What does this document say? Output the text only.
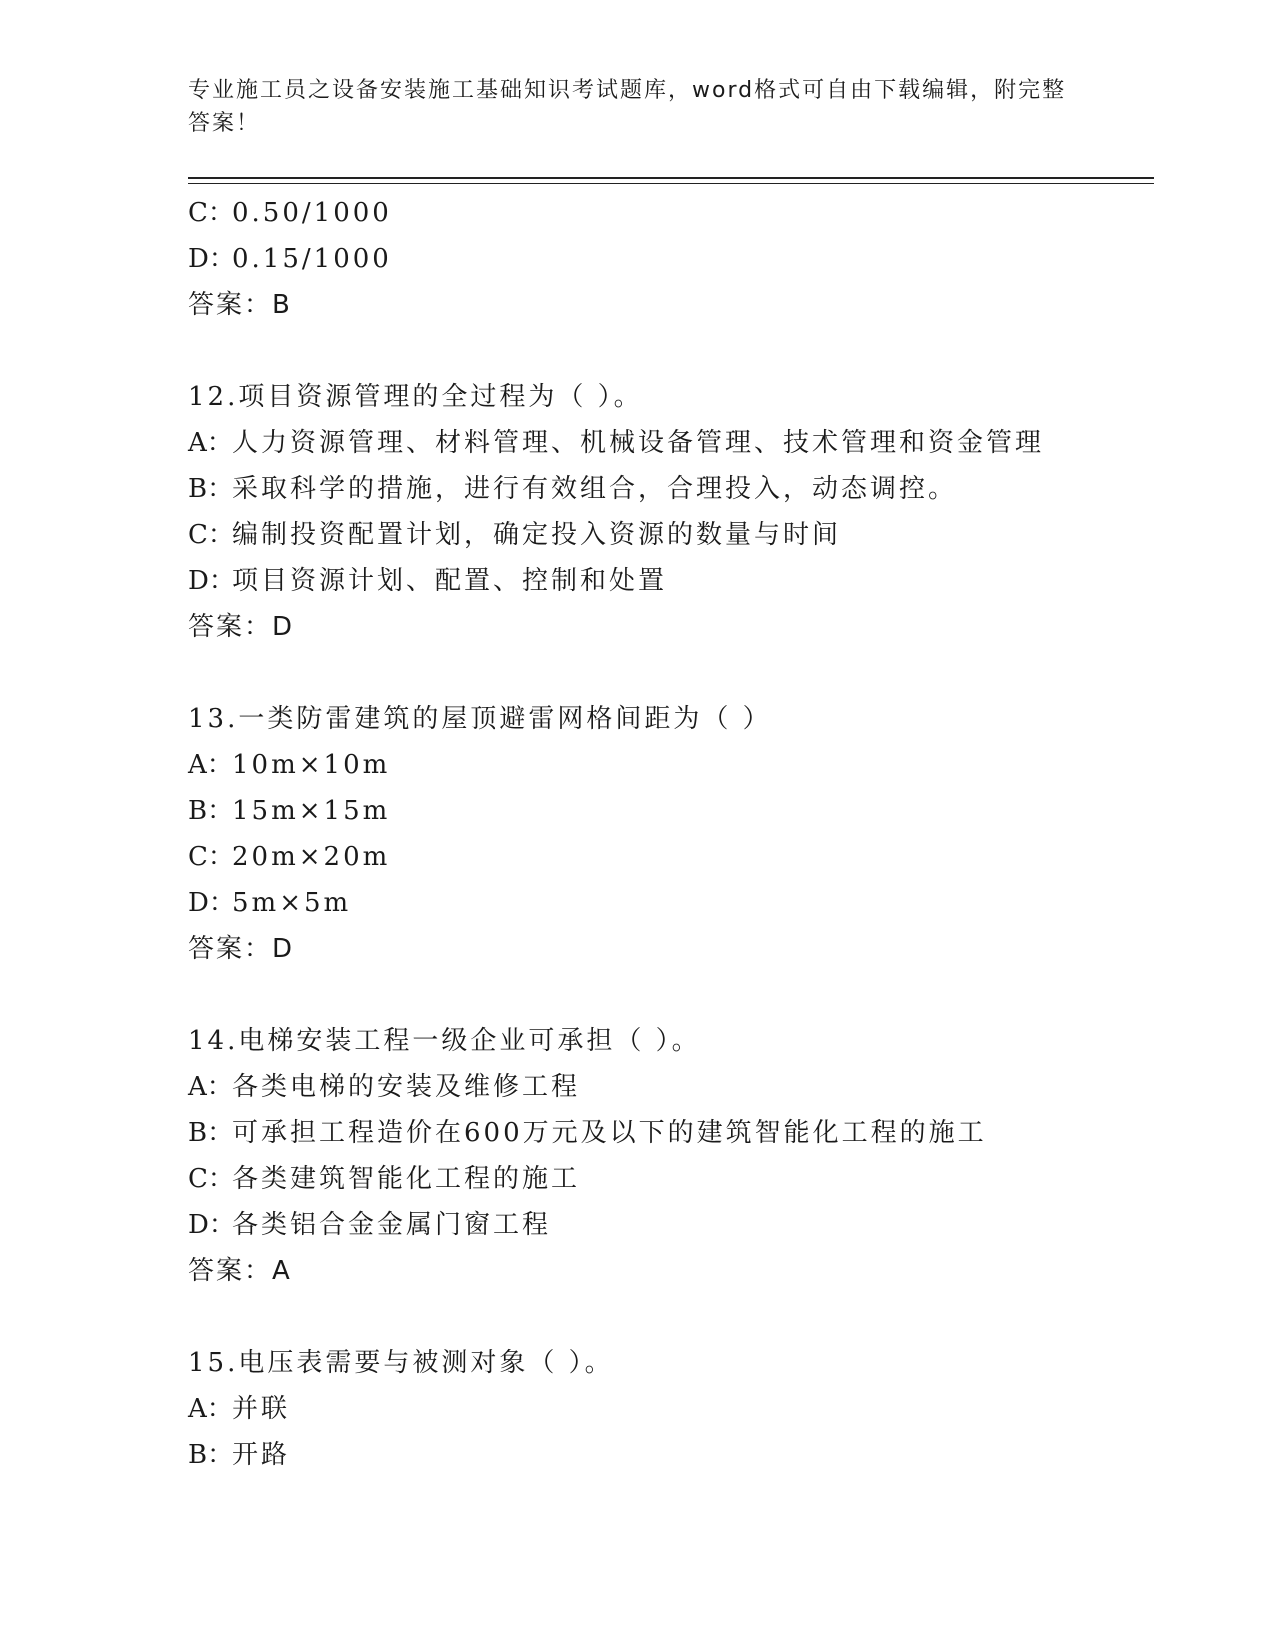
专业施工员之设备安装施工基础知识考试题库，word格式可自由下载编辑，附完整答案！
C：0.50/1000
D：0.15/1000
答案：B
12.项目资源管理的全过程为（ ）。
A：人力资源管理、材料管理、机械设备管理、技术管理和资金管理
B：采取科学的措施，进行有效组合，合理投入，动态调控。
C：编制投资配置计划，确定投入资源的数量与时间
D：项目资源计划、配置、控制和处置
答案：D
13.一类防雷建筑的屋顶避雷网格间距为（ ）
A：10m×10m
B：15m×15m
C：20m×20m
D：5m×5m
答案：D
14.电梯安装工程一级企业可承担（ ）。
A：各类电梯的安装及维修工程
B：可承担工程造价在600万元及以下的建筑智能化工程的施工
C：各类建筑智能化工程的施工
D：各类铝合金金属门窗工程
答案：A
15.电压表需要与被测对象（ ）。
A：并联
B：开路
